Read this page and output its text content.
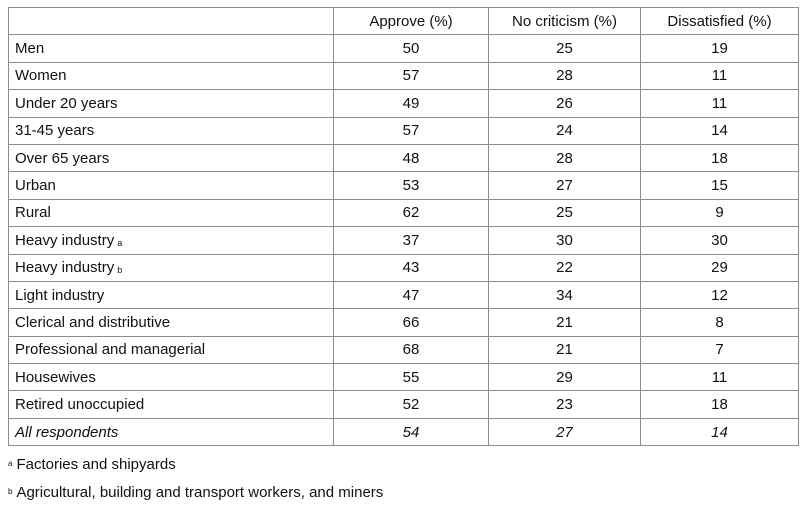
	Approve (%)	No criticism (%)	Dissatisfied (%)
Men	50	25	19
Women	57	28	11
Under 20 years	49	26	11
31-45 years	57	24	14
Over 65 years	48	28	18
Urban	53	27	15
Rural	62	25	9
Heavy industry $_a$	37	30	30
Heavy industry $_b$	43	22	29
Light industry	47	34	12
Clerical and distributive	66	21	8
Professional and managerial	68	21	7
Housewives	55	29	11
Retired unoccupied	52	23	18
All respondents	54	27	14
$^a$ Factories and shipyards
$^b$ Agricultural, building and transport workers, and miners
